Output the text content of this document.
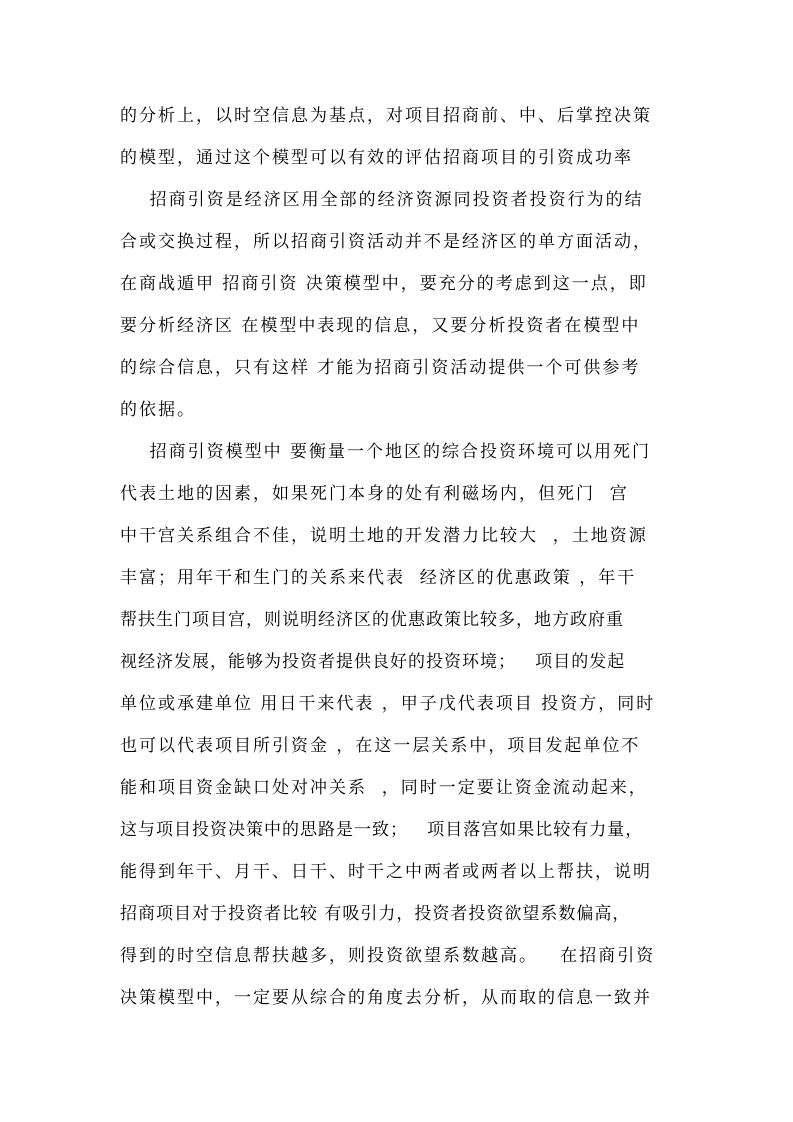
的分析上，以时空信息为基点，对项目招商前、中、后掌控决策
的模型，通过这个模型可以有效的评估招商项目的引资成功率
招商引资是经济区用全部的经济资源同投资者投资行为的结
合或交换过程，所以招商引资活动并不是经济区的单方面活动，
在商战遁甲 招商引资 决策模型中，要充分的考虑到这一点，即
要分析经济区 在模型中表现的信息，又要分析投资者在模型中
的综合信息，只有这样 才能为招商引资活动提供一个可供参考
的依据。
招商引资模型中 要衡量一个地区的综合投资环境可以用死门
代表土地的因素，如果死门本身的处有利磁场内，但死门  宫
中干宫关系组合不佳，说明土地的开发潜力比较大  ，土地资源
丰富；用年干和生门的关系来代表  经济区的优惠政策 ，年干
帮扶生门项目宫，则说明经济区的优惠政策比较多，地方政府重
视经济发展，能够为投资者提供良好的投资环境；   项目的发起
单位或承建单位 用日干来代表 ，甲子戊代表项目 投资方，同时
也可以代表项目所引资金 ，在这一层关系中，项目发起单位不
能和项目资金缺口处对冲关系  ，同时一定要让资金流动起来，
这与项目投资决策中的思路是一致；   项目落宫如果比较有力量，
能得到年干、月干、日干、时干之中两者或两者以上帮扶，说明
招商项目对于投资者比较 有吸引力，投资者投资欲望系数偏高，
得到的时空信息帮扶越多，则投资欲望系数越高。   在招商引资
决策模型中，一定要从综合的角度去分析，从而取的信息一致并
